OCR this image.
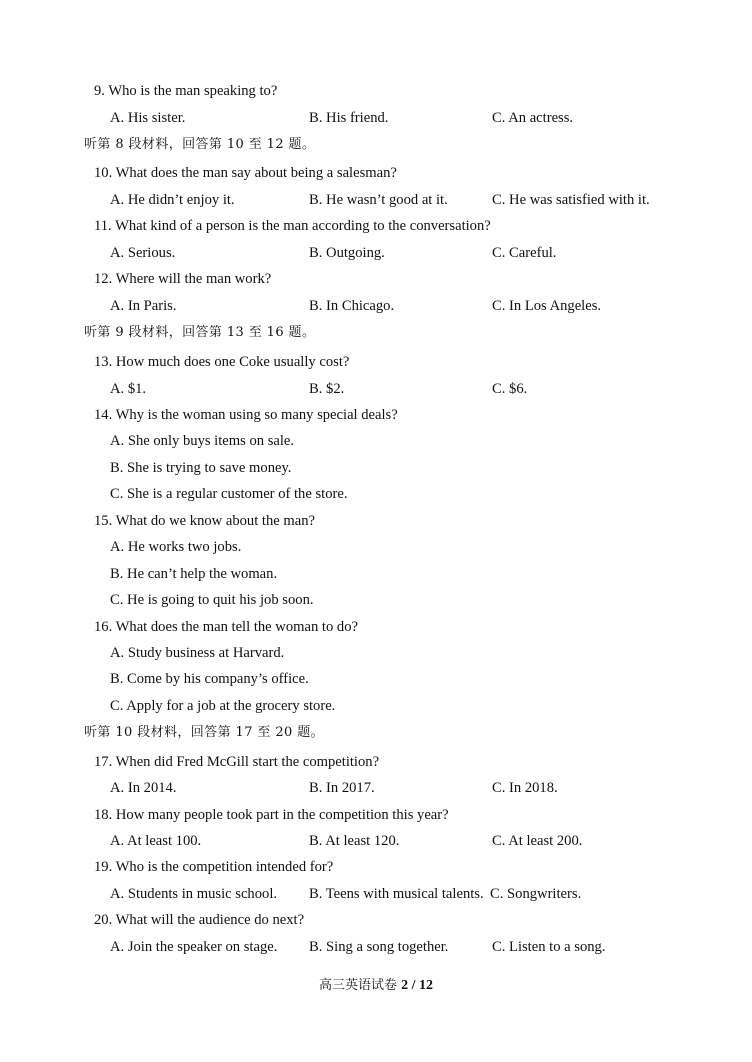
9. Who is the man speaking to?
A. His sister.	B. His friend.	C. An actress.
听第 8 段材料，回答第 10 至 12 题。
10. What does the man say about being a salesman?
A. He didn’t enjoy it.	B. He wasn’t good at it.	C. He was satisfied with it.
11. What kind of a person is the man according to the conversation?
A. Serious.	B. Outgoing.	C. Careful.
12. Where will the man work?
A. In Paris.	B. In Chicago.	C. In Los Angeles.
听第 9 段材料，回答第 13 至 16 题。
13. How much does one Coke usually cost?
A. $1.	B. $2.	C. $6.
14. Why is the woman using so many special deals?
A. She only buys items on sale.
B. She is trying to save money.
C. She is a regular customer of the store.
15. What do we know about the man?
A. He works two jobs.
B. He can’t help the woman.
C. He is going to quit his job soon.
16. What does the man tell the woman to do?
A. Study business at Harvard.
B. Come by his company’s office.
C. Apply for a job at the grocery store.
听第 10 段材料，回答第 17 至 20 题。
17. When did Fred McGill start the competition?
A. In 2014.	B. In 2017.	C. In 2018.
18. How many people took part in the competition this year?
A. At least 100.	B. At least 120.	C. At least 200.
19. Who is the competition intended for?
A. Students in music school. B. Teens with musical talents. C. Songwriters.
20. What will the audience do next?
A. Join the speaker on stage. B. Sing a song together.	C. Listen to a song.
高三英语试卷 2 / 12
